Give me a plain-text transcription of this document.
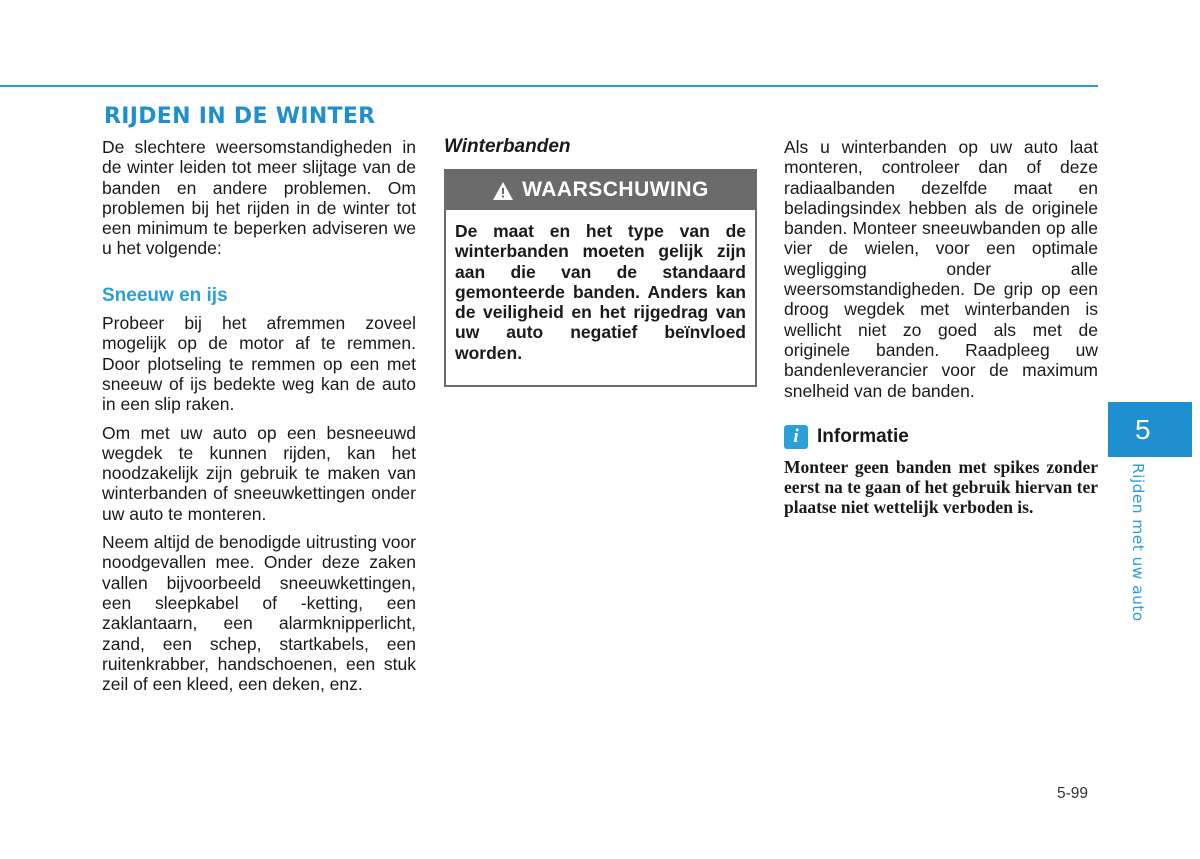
RIJDEN IN DE WINTER

De slechtere weersomstandigheden in de winter leiden tot meer slijtage van de banden en andere problemen. Om problemen bij het rijden in de winter tot een minimum te beperken adviseren we u het volgende:

Sneeuw en ijs

Probeer bij het afremmen zoveel mogelijk op de motor af te remmen. Door plotseling te remmen op een met sneeuw of ijs bedekte weg kan de auto in een slip raken.

Om met uw auto op een besneeuwd wegdek te kunnen rijden, kan het noodzakelijk zijn gebruik te maken van winterbanden of sneeuwkettingen onder uw auto te monteren.

Neem altijd de benodigde uitrusting voor noodgevallen mee. Onder deze zaken vallen bijvoorbeeld sneeuwkettingen, een sleepkabel of -ketting, een zaklantaarn, een alarmknipperlicht, zand, een schep, startkabels, een ruitenkrabber, handschoenen, een stuk zeil of een kleed, een deken, enz.

Winterbanden
WAARSCHUWING

De maat en het type van de winterbanden moeten gelijk zijn aan die van de standaard gemonteerde banden. Anders kan de veiligheid en het rijgedrag van uw auto negatief beïnvloed worden.

Als u winterbanden op uw auto laat monteren, controleer dan of deze radiaalbanden dezelfde maat en beladingsindex hebben als de originele banden. Monteer sneeuwbanden op alle vier de wielen, voor een optimale wegligging onder alle weersomstandigheden. De grip op een droog wegdek met winterbanden is wellicht niet zo goed als met de originele banden. Raadpleeg uw bandenleverancier voor de maximum snelheid van de banden.

i Informatie

Monteer geen banden met spikes zonder eerst na te gaan of het gebruik hiervan ter plaatse niet wettelijk verboden is.

5
Rijden met uw auto
5-99
